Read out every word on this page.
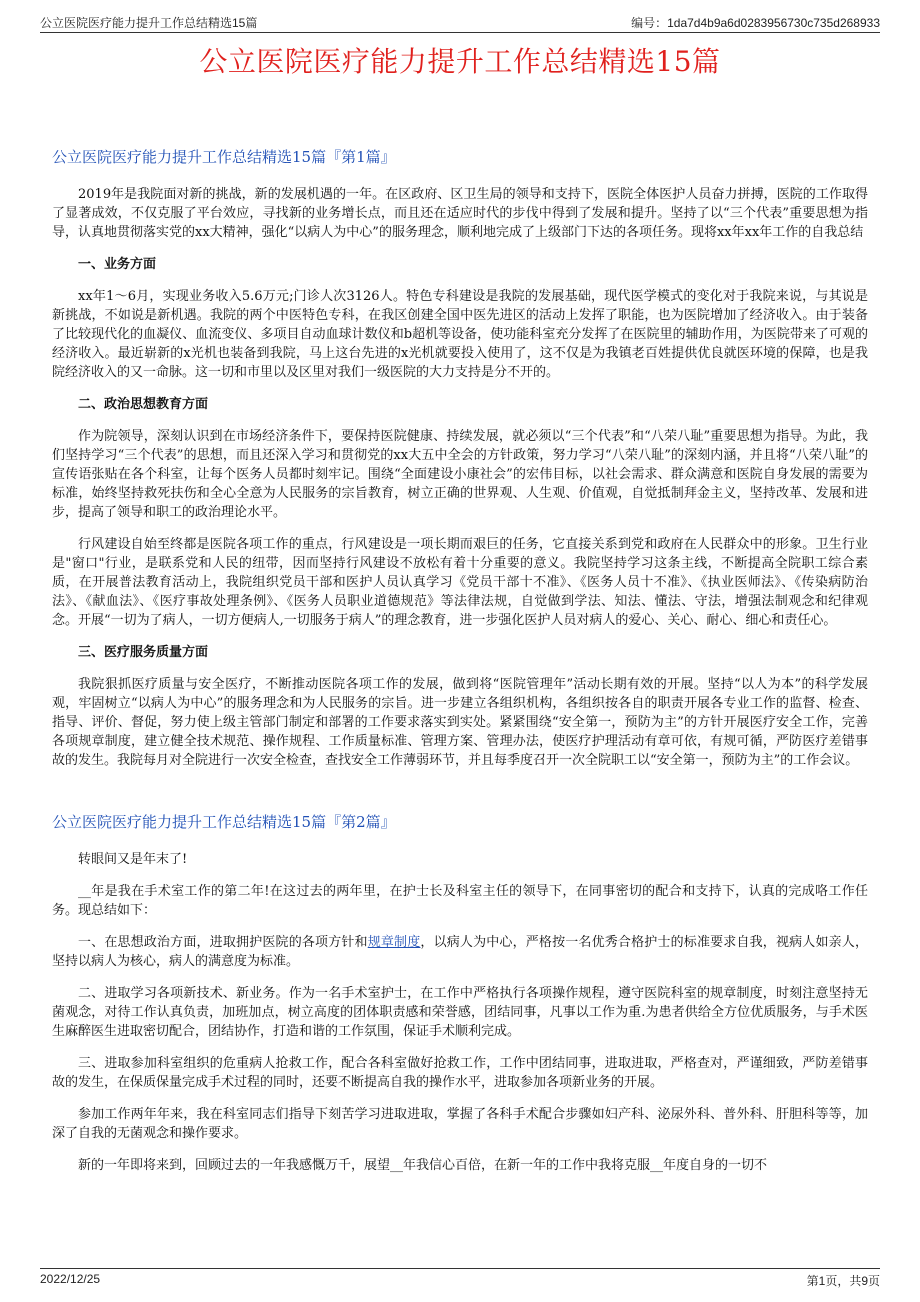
公立医院医疗能力提升工作总结精选15篇	编号：1da7d4b9a6d0283956730c735d268933
公立医院医疗能力提升工作总结精选15篇
公立医院医疗能力提升工作总结精选15篇『第1篇』

2019年是我院面对新的挑战，新的发展机遇的一年。在区政府、区卫生局的领导和支持下，医院全体医护人员奋力拼搏，医院的工作取得了显著成效，不仅克服了平台效应，寻找新的业务增长点，而且还在适应时代的步伐中得到了发展和提升。坚持了以“三个代表”重要思想为指导，认真地贯彻落实党的xx大精神，强化“以病人为中心”的服务理念，顺利地完成了上级部门下达的各项任务。现将xx年xx年工作的自我总结

一、业务方面

xx年1～6月，实现业务收入5.6万元;门诊人次3126人。特色专科建设是我院的发展基础，现代医学模式的变化对于我院来说，与其说是新挑战，不如说是新机遇。我院的两个中医特色专科，在我区创建全国中医先进区的活动上发挥了职能，也为医院增加了经济收入。由于装备了比较现代化的血凝仪、血流变仪、多项目自动血球计数仪和b超机等设备，使功能科室充分发挥了在医院里的辅助作用，为医院带来了可观的经济收入。最近崭新的x光机也装备到我院，马上这台先进的x光机就要投入使用了，这不仅是为我镇老百姓提供优良就医环境的保障，也是我院经济收入的又一命脉。这一切和市里以及区里对我们一级医院的大力支持是分不开的。

二、政治思想教育方面

作为院领导，深刻认识到在市场经济条件下，要保持医院健康、持续发展，就必须以“三个代表”和“八荣八耻”重要思想为指导。为此，我们坚持学习“三个代表”的思想，而且还深入学习和贯彻党的xx大五中全会的方针政策，努力学习“八荣八耻”的深刻内涵，并且将“八荣八耻”的宣传语张贴在各个科室，让每个医务人员都时刻牢记。围绕“全面建设小康社会”的宏伟目标，以社会需求、群众满意和医院自身发展的需要为标准，始终坚持救死扶伤和全心全意为人民服务的宗旨教育，树立正确的世界观、人生观、价值观，自觉抵制拜金主义，坚持改革、发展和进步，提高了领导和职工的政治理论水平。

行风建设自始至终都是医院各项工作的重点，行风建设是一项长期而艰巨的任务，它直接关系到党和政府在人民群众中的形象。卫生行业是"窗口"行业，是联系党和人民的纽带，因而坚持行风建设不放松有着十分重要的意义。我院坚持学习这条主线，不断提高全院职工综合素质，在开展普法教育活动上，我院组织党员干部和医护人员认真学习《党员干部十不准》、《医务人员十不准》、《执业医师法》、《传染病防治法》、《献血法》、《医疗事故处理条例》、《医务人员职业道德规范》等法律法规，自觉做到学法、知法、懂法、守法，增强法制观念和纪律观念。开展“一切为了病人，一切方便病人,一切服务于病人”的理念教育，进一步强化医护人员对病人的爱心、关心、耐心、细心和责任心。

三、医疗服务质量方面

我院狠抓医疗质量与安全医疗，不断推动医院各项工作的发展，做到将“医院管理年”活动长期有效的开展。坚持“以人为本”的科学发展观，牢固树立“以病人为中心”的服务理念和为人民服务的宗旨。进一步建立各组织机构，各组织按各自的职责开展各专业工作的监督、检查、指导、评价、督促，努力使上级主管部门制定和部署的工作要求落实到实处。紧紧围绕“安全第一，预防为主”的方针开展医疗安全工作，完善各项规章制度，建立健全技术规范、操作规程、工作质量标准、管理方案、管理办法，使医疗护理活动有章可依，有规可循，严防医疗差错事故的发生。我院每月对全院进行一次安全检查，查找安全工作薄弱环节，并且每季度召开一次全院职工以“安全第一，预防为主”的工作会议。

公立医院医疗能力提升工作总结精选15篇『第2篇』

转眼间又是年末了!

__年是我在手术室工作的第二年!在这过去的两年里，在护士长及科室主任的领导下，在同事密切的配合和支持下，认真的完成咯工作任务。现总结如下：

一、在思想政治方面，进取拥护医院的各项方针和规章制度，以病人为中心，严格按一名优秀合格护士的标准要求自我，视病人如亲人，坚持以病人为核心，病人的满意度为标准。

二、进取学习各项新技术、新业务。作为一名手术室护士，在工作中严格执行各项操作规程，遵守医院科室的规章制度，时刻注意坚持无菌观念，对待工作认真负责，加班加点，树立高度的团体职责感和荣誉感，团结同事，凡事以工作为重.为患者供给全方位优质服务，与手术医生麻醉医生进取密切配合，团结协作，打造和谐的工作氛围，保证手术顺利完成。

三、进取参加科室组织的危重病人抢救工作，配合各科室做好抢救工作，工作中团结同事，进取进取，严格查对，严谨细致，严防差错事故的发生，在保质保量完成手术过程的同时，还要不断提高自我的操作水平，进取参加各项新业务的开展。

参加工作两年年来，我在科室同志们指导下刻苦学习进取进取，掌握了各科手术配合步骤如妇产科、泌尿外科、普外科、肝胆科等等，加深了自我的无菌观念和操作要求。

新的一年即将来到，回顾过去的一年我感慨万千，展望__年我信心百倍，在新一年的工作中我将克服__年度自身的一切不

2022/12/25	第1页，共9页
